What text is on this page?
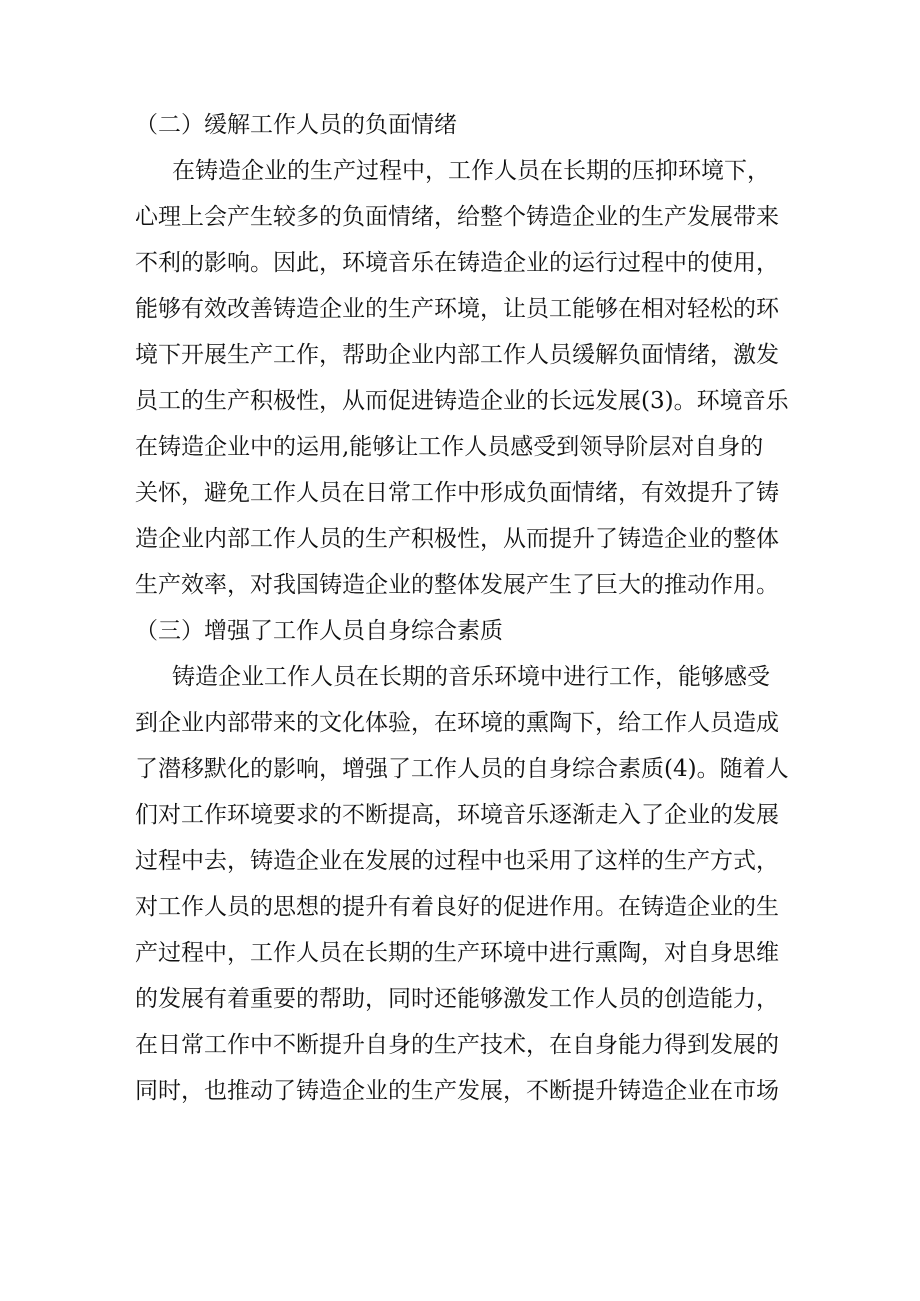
（二）缓解工作人员的负面情绪
在铸造企业的生产过程中，工作人员在长期的压抑环境下，
心理上会产生较多的负面情绪，给整个铸造企业的生产发展带来
不利的影响。因此，环境音乐在铸造企业的运行过程中的使用，
能够有效改善铸造企业的生产环境，让员工能够在相对轻松的环
境下开展生产工作，帮助企业内部工作人员缓解负面情绪，激发
员工的生产积极性，从而促进铸造企业的长远发展(3)。环境音乐
在铸造企业中的运用,能够让工作人员感受到领导阶层对自身的
关怀，避免工作人员在日常工作中形成负面情绪，有效提升了铸
造企业内部工作人员的生产积极性，从而提升了铸造企业的整体
生产效率，对我国铸造企业的整体发展产生了巨大的推动作用。
（三）增强了工作人员自身综合素质
铸造企业工作人员在长期的音乐环境中进行工作，能够感受
到企业内部带来的文化体验，在环境的熏陶下，给工作人员造成
了潜移默化的影响，增强了工作人员的自身综合素质(4)。随着人
们对工作环境要求的不断提高，环境音乐逐渐走入了企业的发展
过程中去，铸造企业在发展的过程中也采用了这样的生产方式，
对工作人员的思想的提升有着良好的促进作用。在铸造企业的生
产过程中，工作人员在长期的生产环境中进行熏陶，对自身思维
的发展有着重要的帮助，同时还能够激发工作人员的创造能力，
在日常工作中不断提升自身的生产技术，在自身能力得到发展的
同时，也推动了铸造企业的生产发展，不断提升铸造企业在市场
